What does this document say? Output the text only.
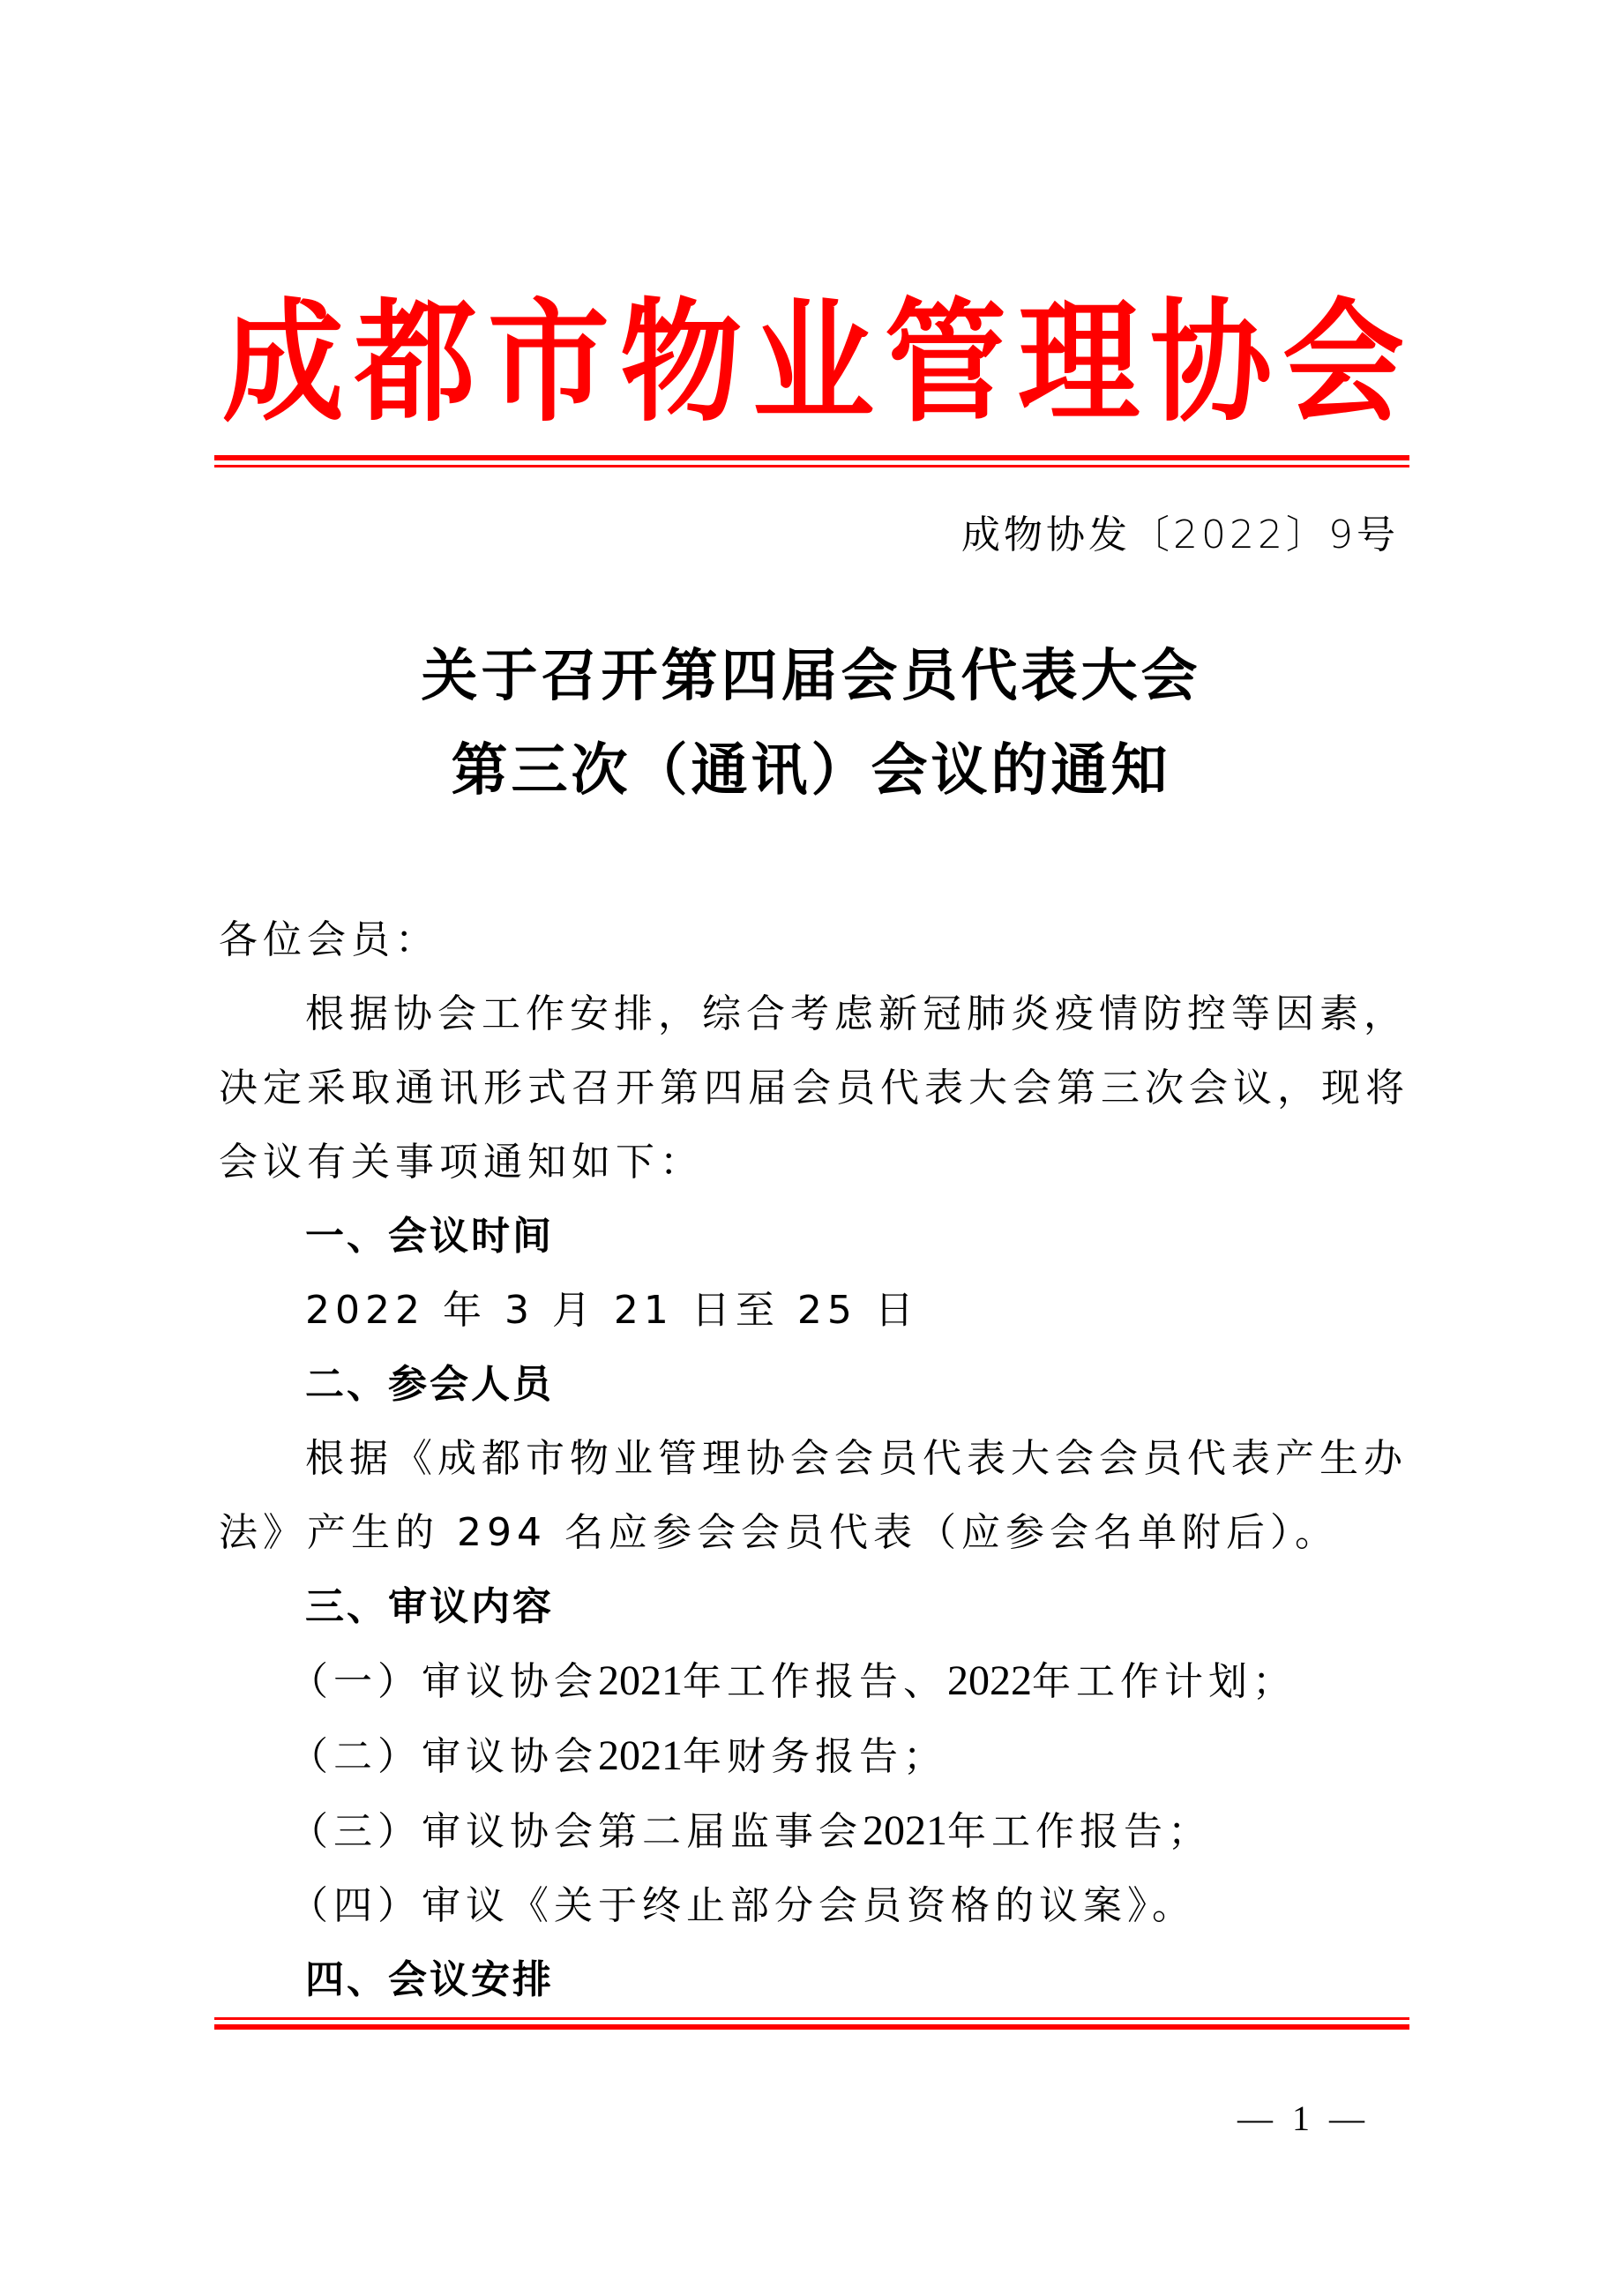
成 都 市 物 业 管 理 协 会
成物协发〔2022〕9号
关于召开第四届会员代表大会
第三次（通讯）会议的通知

各位会员：

根据协会工作安排，综合考虑新冠肺炎疫情防控等因素，

决定采取通讯形式召开第四届会员代表大会第三次会议，现将

会议有关事项通知如下：

一、会议时间

2022 年 3 月 21 日至 25 日

二、参会人员

根据《成都市物业管理协会会员代表大会会员代表产生办

法》产生的 294 名应参会会员代表（应参会名单附后）。

三、审议内容

（一）审议协会2021年工作报告、2022年工作计划；

（二）审议协会2021年财务报告；

（三）审议协会第二届监事会2021年工作报告；

（四）审议《关于终止部分会员资格的议案》。

四、会议安排

— 1 —
